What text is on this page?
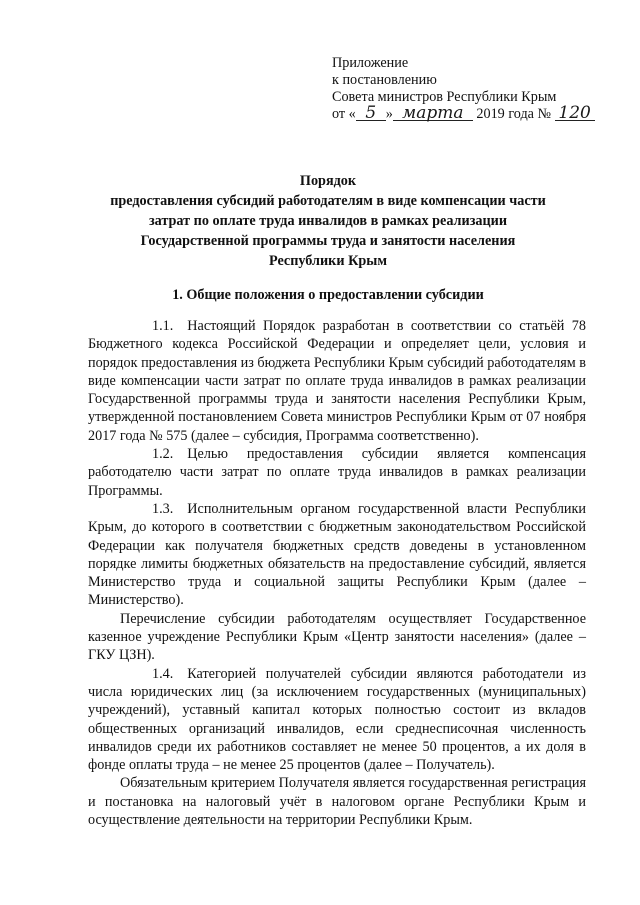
Приложение
к постановлению
Совета министров Республики Крым
от « 5 » марта 2019 года № 120
Порядок
предоставления субсидий работодателям в виде компенсации части
затрат по оплате труда инвалидов в рамках реализации
Государственной программы труда и занятости населения
Республики Крым
1. Общие положения о предоставлении субсидии

1.1. Настоящий Порядок разработан в соответствии со статьёй 78 Бюджетного кодекса Российской Федерации и определяет цели, условия и порядок предоставления из бюджета Республики Крым субсидий работодателям в виде компенсации части затрат по оплате труда инвалидов в рамках реализации Государственной программы труда и занятости населения Республики Крым, утвержденной постановлением Совета министров Республики Крым от 07 ноября 2017 года № 575 (далее – субсидия, Программа соответственно).

1.2. Целью предоставления субсидии является компенсация работодателю части затрат по оплате труда инвалидов в рамках реализации Программы.

1.3. Исполнительным органом государственной власти Республики Крым, до которого в соответствии с бюджетным законодательством Российской Федерации как получателя бюджетных средств доведены в установленном порядке лимиты бюджетных обязательств на предоставление субсидий, является Министерство труда и социальной защиты Республики Крым (далее – Министерство).

Перечисление субсидии работодателям осуществляет Государственное казенное учреждение Республики Крым «Центр занятости населения» (далее – ГКУ ЦЗН).

1.4. Категорией получателей субсидии являются работодатели из числа юридических лиц (за исключением государственных (муниципальных) учреждений), уставный капитал которых полностью состоит из вкладов общественных организаций инвалидов, если среднесписочная численность инвалидов среди их работников составляет не менее 50 процентов, а их доля в фонде оплаты труда – не менее 25 процентов (далее – Получатель).

Обязательным критерием Получателя является государственная регистрация и постановка на налоговый учёт в налоговом органе Республики Крым и осуществление деятельности на территории Республики Крым.
